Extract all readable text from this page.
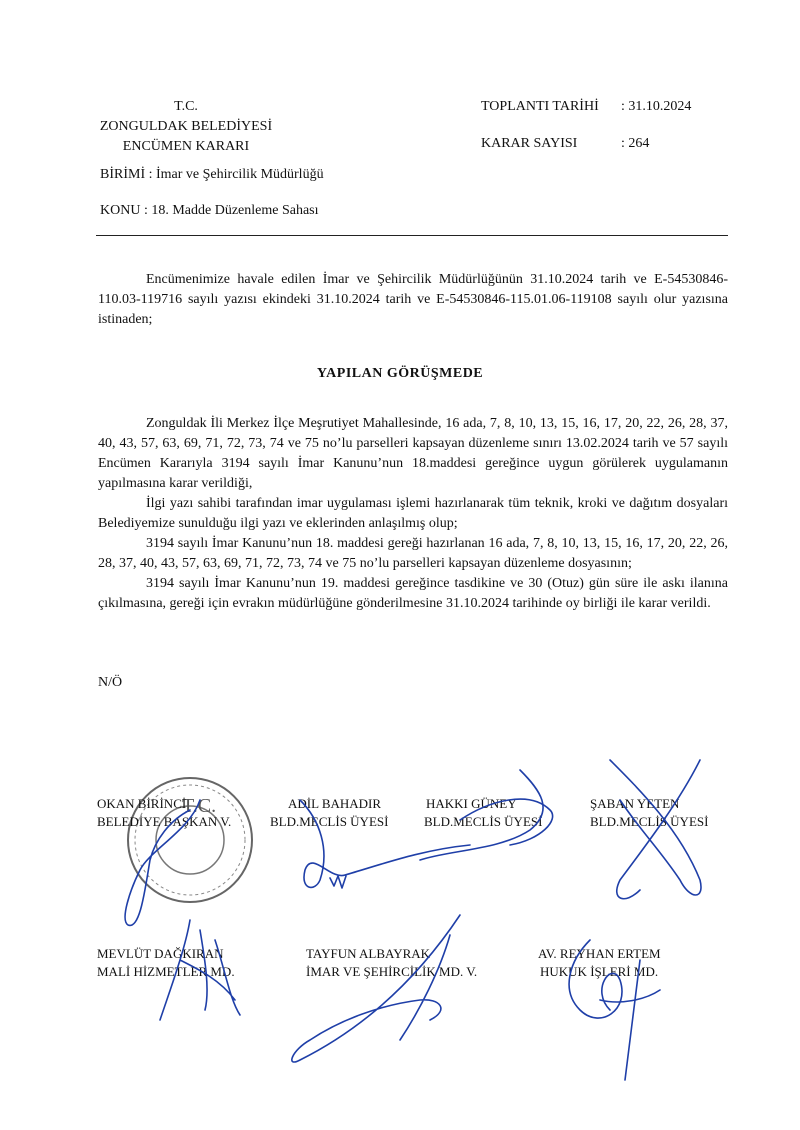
T.C.
ZONGULDAK BELEDİYESİ
ENCÜMEN KARARI
TOPLANTI TARİHİ	: 31.10.2024
KARAR SAYISI	: 264
BİRİMİ : İmar ve Şehircilik Müdürlüğü
KONU : 18. Madde Düzenleme Sahası

Encümenimize havale edilen İmar ve Şehircilik Müdürlüğünün 31.10.2024 tarih ve E-54530846-110.03-119716 sayılı yazısı ekindeki 31.10.2024 tarih ve E-54530846-115.01.06-119108 sayılı olur yazısına istinaden;

YAPILAN GÖRÜŞMEDE

Zonguldak İli Merkez İlçe Meşrutiyet Mahallesinde, 16 ada, 7, 8, 10, 13, 15, 16, 17, 20, 22, 26, 28, 37, 40, 43, 57, 63, 69, 71, 72, 73, 74 ve 75 no’lu parselleri kapsayan düzenleme sınırı 13.02.2024 tarih ve 57 sayılı Encümen Kararıyla 3194 sayılı İmar Kanunu’nun 18.maddesi gereğince uygun görülerek uygulamanın yapılmasına karar verildiği,

İlgi yazı sahibi tarafından imar uygulaması işlemi hazırlanarak tüm teknik, kroki ve dağıtım dosyaları Belediyemize sunulduğu ilgi yazı ve eklerinden anlaşılmış olup;

3194 sayılı İmar Kanunu’nun 18. maddesi gereği hazırlanan 16 ada, 7, 8, 10, 13, 15, 16, 17, 20, 22, 26, 28, 37, 40, 43, 57, 63, 69, 71, 72, 73, 74 ve 75 no’lu parselleri kapsayan düzenleme dosyasının;

3194 sayılı İmar Kanunu’nun 19. maddesi gereğince tasdikine ve 30 (Otuz) gün süre ile askı ilanına çıkılmasına, gereği için evrakın müdürlüğüne gönderilmesine 31.10.2024 tarihinde oy birliği ile karar verildi.

N/Ö
T.C.
OKAN BİRİNCİ
BELEDİYE BAŞKAN V.
ADİL BAHADIR
BLD.MECLİS ÜYESİ
HAKKI GÜNEY
BLD.MECLİS ÜYESİ
ŞABAN YETEN
BLD.MECLİS ÜYESİ
MEVLÜT DAĞKIRAN
MALİ HİZMETLER MD.
TAYFUN ALBAYRAK
İMAR VE ŞEHİRCİLİK MD. V.
AV. REYHAN ERTEM
HUKUK İŞLERİ MD.
